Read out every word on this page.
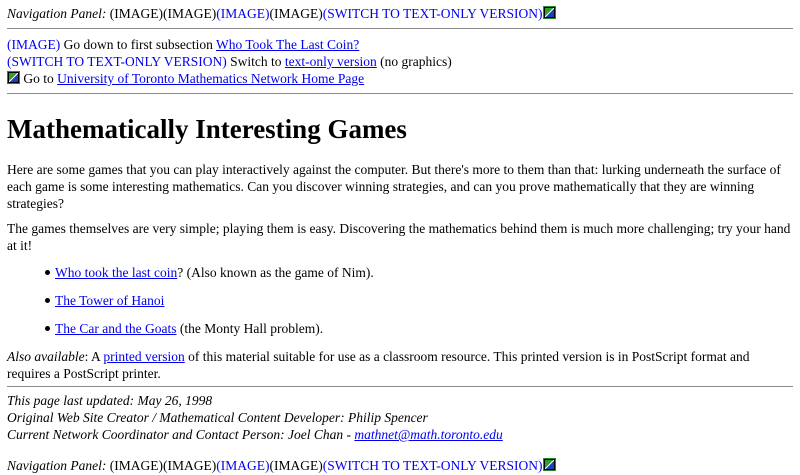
Navigation Panel: (IMAGE)(IMAGE)(IMAGE)(IMAGE)(SWITCH TO TEXT-ONLY VERSION)
(IMAGE) Go down to first subsection Who Took The Last Coin?
(SWITCH TO TEXT-ONLY VERSION) Switch to text-only version (no graphics)
Go to University of Toronto Mathematics Network Home Page
Mathematically Interesting Games

Here are some games that you can play interactively against the computer. But there's more to them than that: lurking underneath the surface of each game is some interesting mathematics. Can you discover winning strategies, and can you prove mathematically that they are winning strategies?

The games themselves are very simple; playing them is easy. Discovering the mathematics behind them is much more challenging; try your hand at it!

Who took the last coin? (Also known as the game of Nim).
The Tower of Hanoi
The Car and the Goats (the Monty Hall problem).

Also available: A printed version of this material suitable for use as a classroom resource. This printed version is in PostScript format and requires a PostScript printer.

This page last updated: May 26, 1998
Original Web Site Creator / Mathematical Content Developer: Philip Spencer
Current Network Coordinator and Contact Person: Joel Chan - mathnet@math.toronto.edu
Navigation Panel: (IMAGE)(IMAGE)(IMAGE)(IMAGE)(SWITCH TO TEXT-ONLY VERSION)
